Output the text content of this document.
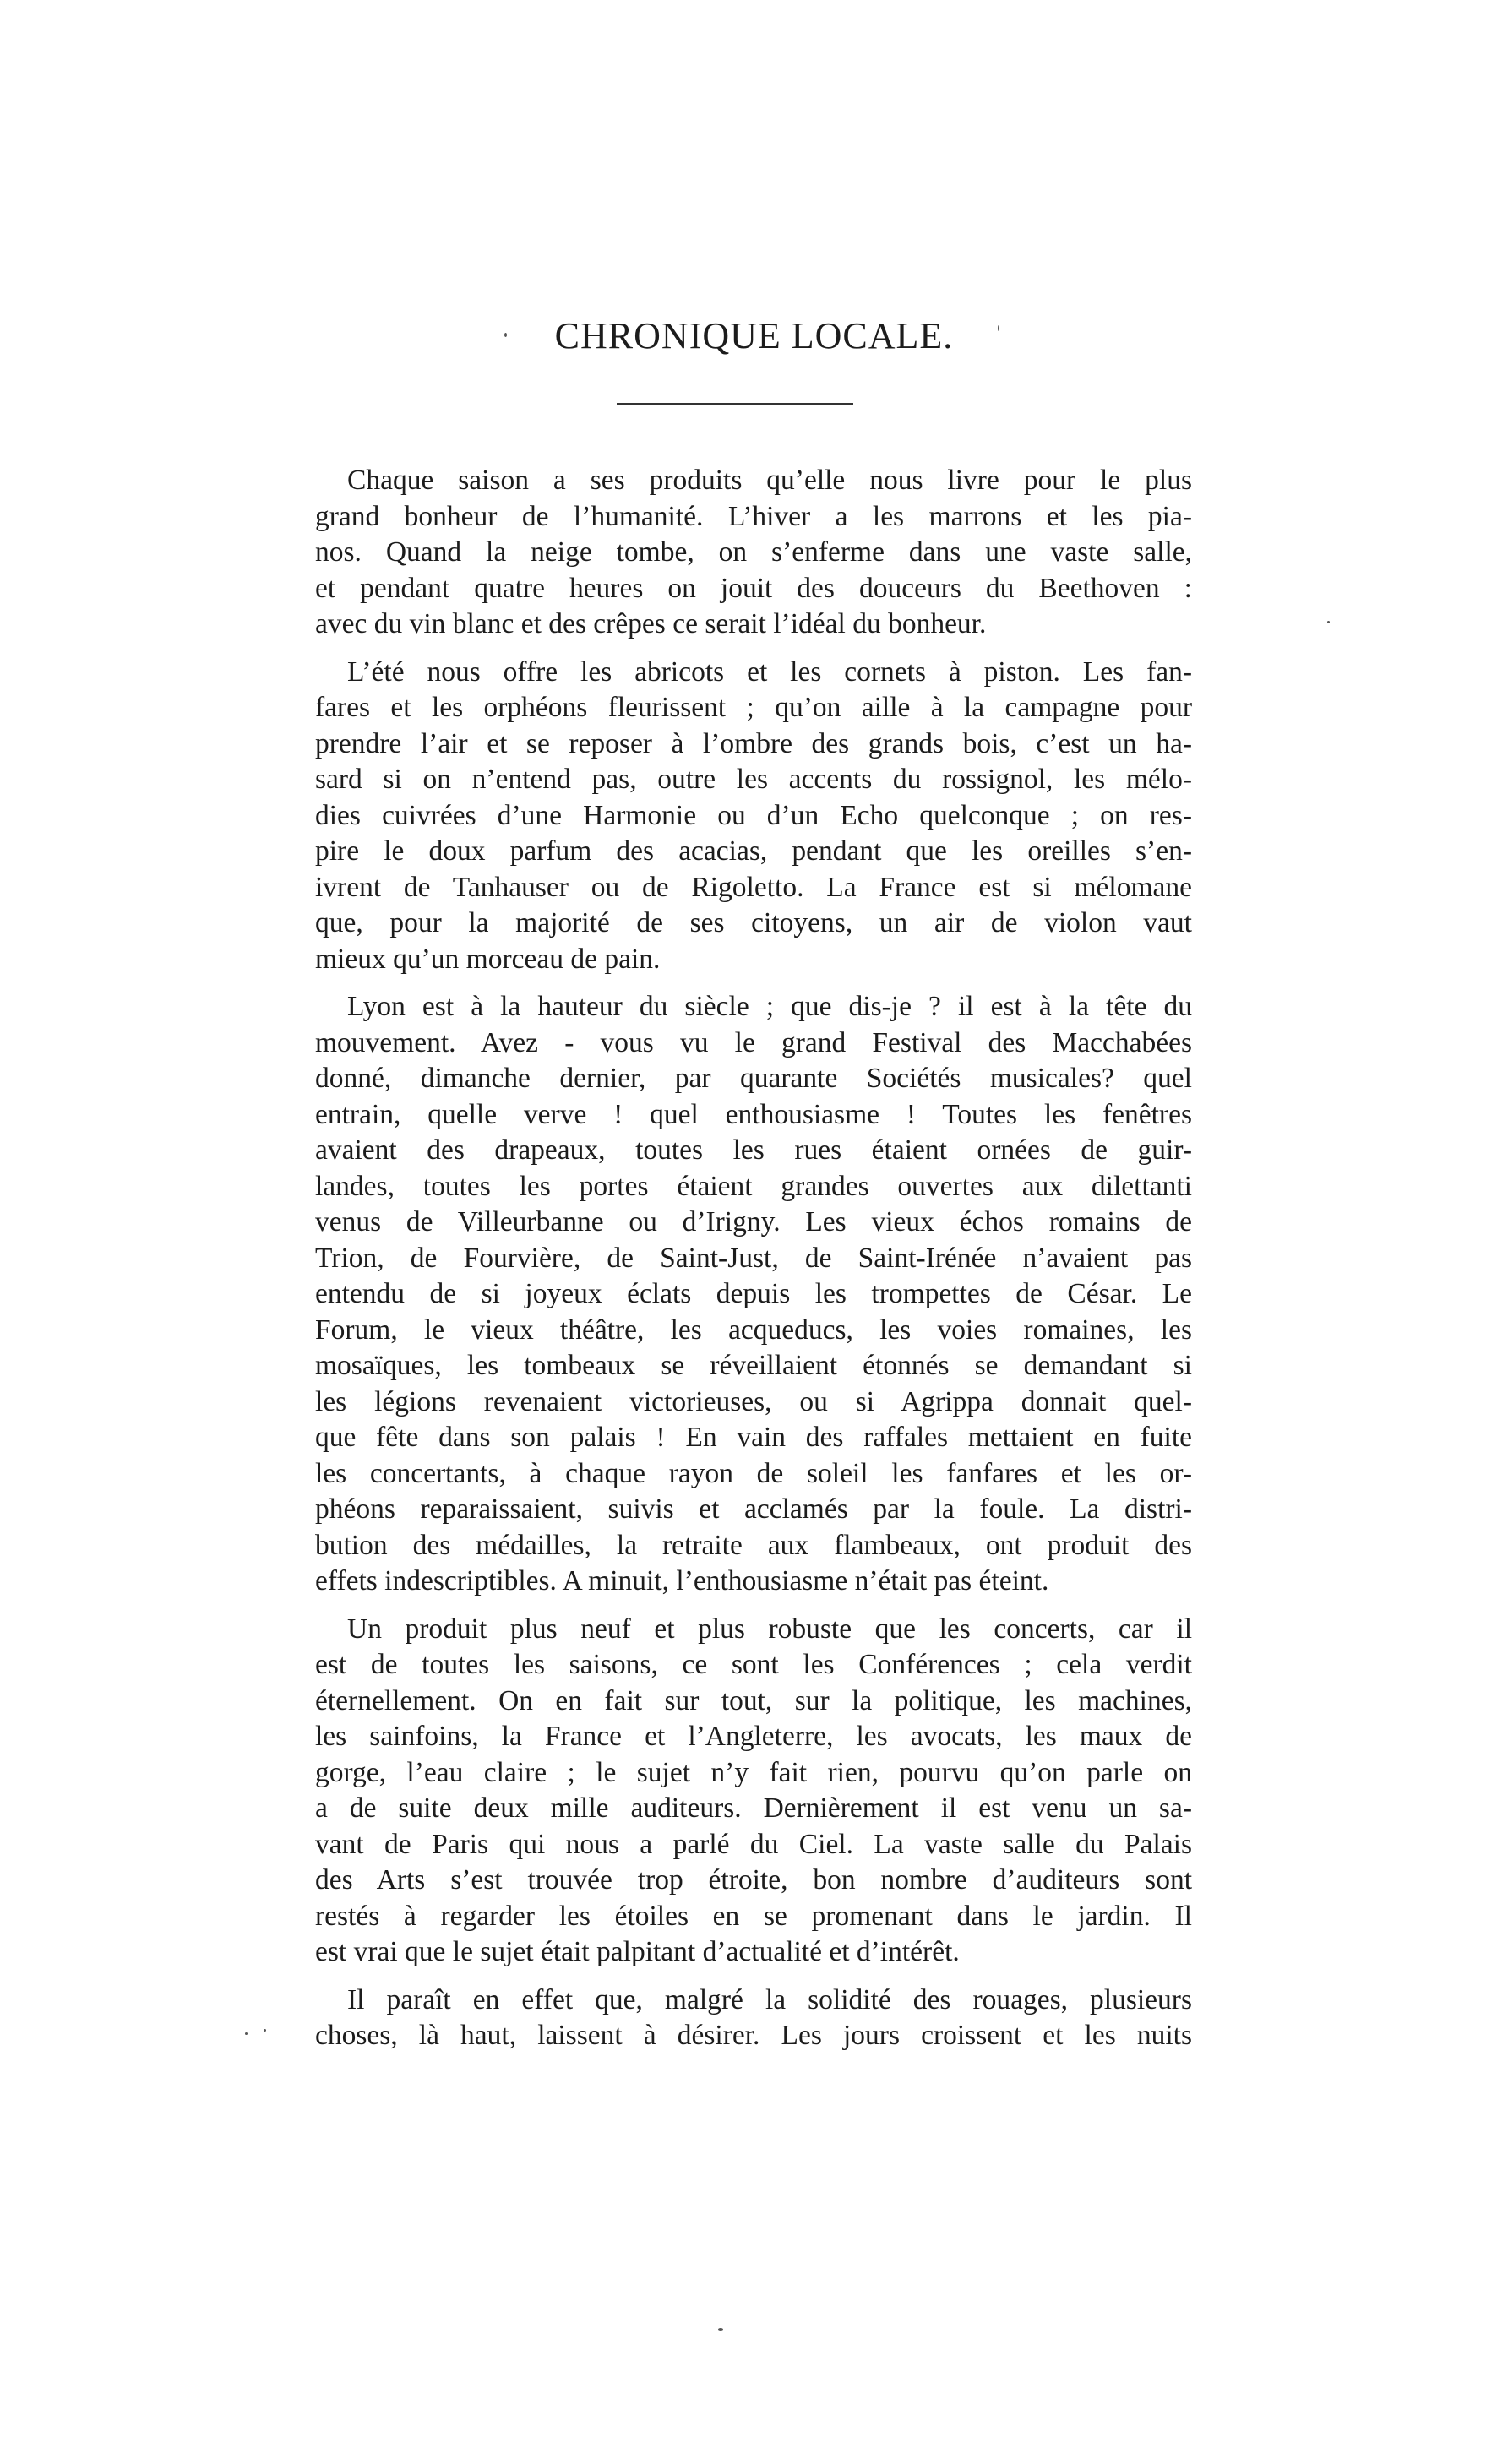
CHRONIQUE LOCALE.
Chaque saison a ses produits qu’elle nous livre pour le plus
grand bonheur de l’humanité. L’hiver a les marrons et les pia-
nos. Quand la neige tombe, on s’enferme dans une vaste salle,
et pendant quatre heures on jouit des douceurs du Beethoven :
avec du vin blanc et des crêpes ce serait l’idéal du bonheur.
L’été nous offre les abricots et les cornets à piston. Les fan-
fares et les orphéons fleurissent ; qu’on aille à la campagne pour
prendre l’air et se reposer à l’ombre des grands bois, c’est un ha-
sard si on n’entend pas, outre les accents du rossignol, les mélo-
dies cuivrées d’une Harmonie ou d’un Echo quelconque ; on res-
pire le doux parfum des acacias, pendant que les oreilles s’en-
ivrent de Tanhauser ou de Rigoletto. La France est si mélomane
que, pour la majorité de ses citoyens, un air de violon vaut
mieux qu’un morceau de pain.
Lyon est à la hauteur du siècle ; que dis-je ? il est à la tête du
mouvement. Avez - vous vu le grand Festival des Macchabées
donné, dimanche dernier, par quarante Sociétés musicales? quel
entrain, quelle verve ! quel enthousiasme ! Toutes les fenêtres
avaient des drapeaux, toutes les rues étaient ornées de guir-
landes, toutes les portes étaient grandes ouvertes aux dilettanti
venus de Villeurbanne ou d’Irigny. Les vieux échos romains de
Trion, de Fourvière, de Saint-Just, de Saint-Irénée n’avaient pas
entendu de si joyeux éclats depuis les trompettes de César. Le
Forum, le vieux théâtre, les acqueducs, les voies romaines, les
mosaïques, les tombeaux se réveillaient étonnés se demandant si
les légions revenaient victorieuses, ou si Agrippa donnait quel-
que fête dans son palais ! En vain des raffales mettaient en fuite
les concertants, à chaque rayon de soleil les fanfares et les or-
phéons reparaissaient, suivis et acclamés par la foule. La distri-
bution des médailles, la retraite aux flambeaux, ont produit des
effets indescriptibles. A minuit, l’enthousiasme n’était pas éteint.
Un produit plus neuf et plus robuste que les concerts, car il
est de toutes les saisons, ce sont les Conférences ; cela verdit
éternellement. On en fait sur tout, sur la politique, les machines,
les sainfoins, la France et l’Angleterre, les avocats, les maux de
gorge, l’eau claire ; le sujet n’y fait rien, pourvu qu’on parle on
a de suite deux mille auditeurs. Dernièrement il est venu un sa-
vant de Paris qui nous a parlé du Ciel. La vaste salle du Palais
des Arts s’est trouvée trop étroite, bon nombre d’auditeurs sont
restés à regarder les étoiles en se promenant dans le jardin. Il
est vrai que le sujet était palpitant d’actualité et d’intérêt.
Il paraît en effet que, malgré la solidité des rouages, plusieurs
choses, là haut, laissent à désirer. Les jours croissent et les nuits
